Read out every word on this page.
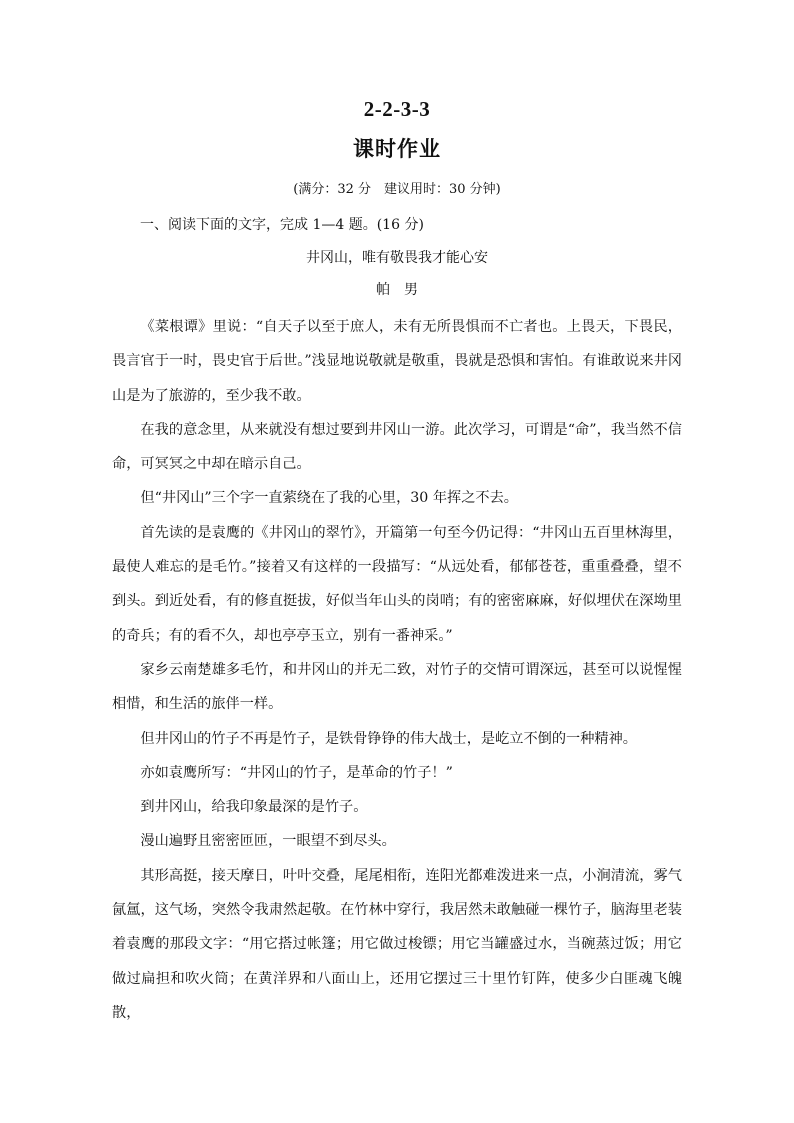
2-2-3-3
课时作业
(满分：32 分　建议用时：30 分钟)
一、阅读下面的文字，完成 1—4 题。(16 分)
井冈山，唯有敬畏我才能心安
帕　男

《菜根谭》里说：“自天子以至于庶人，未有无所畏惧而不亡者也。上畏天，下畏民，畏言官于一时，畏史官于后世。”浅显地说敬就是敬重，畏就是恐惧和害怕。有谁敢说来井冈山是为了旅游的，至少我不敢。

在我的意念里，从来就没有想过要到井冈山一游。此次学习，可谓是“命”，我当然不信命，可冥冥之中却在暗示自己。

但“井冈山”三个字一直萦绕在了我的心里，30 年挥之不去。

首先读的是袁鹰的《井冈山的翠竹》，开篇第一句至今仍记得：“井冈山五百里林海里，最使人难忘的是毛竹。”接着又有这样的一段描写：“从远处看，郁郁苍苍，重重叠叠，望不到头。到近处看，有的修直挺拔，好似当年山头的岗哨；有的密密麻麻，好似埋伏在深坳里的奇兵；有的看不久，却也亭亭玉立，别有一番神采。”

家乡云南楚雄多毛竹，和井冈山的并无二致，对竹子的交情可谓深远，甚至可以说惺惺相惜，和生活的旅伴一样。

但井冈山的竹子不再是竹子，是铁骨铮铮的伟大战士，是屹立不倒的一种精神。

亦如袁鹰所写：“井冈山的竹子，是革命的竹子！”

到井冈山，给我印象最深的是竹子。

漫山遍野且密密匝匝，一眼望不到尽头。

其形高挺，接天摩日，叶叶交叠，尾尾相衔，连阳光都难泼进来一点，小涧清流，雾气氤氲，这气场，突然令我肃然起敬。在竹林中穿行，我居然未敢触碰一棵竹子，脑海里老装着袁鹰的那段文字：“用它搭过帐篷；用它做过梭镖；用它当罐盛过水，当碗蒸过饭；用它做过扁担和吹火筒；在黄洋界和八面山上，还用它摆过三十里竹钉阵，使多少白匪魂飞魄散，
